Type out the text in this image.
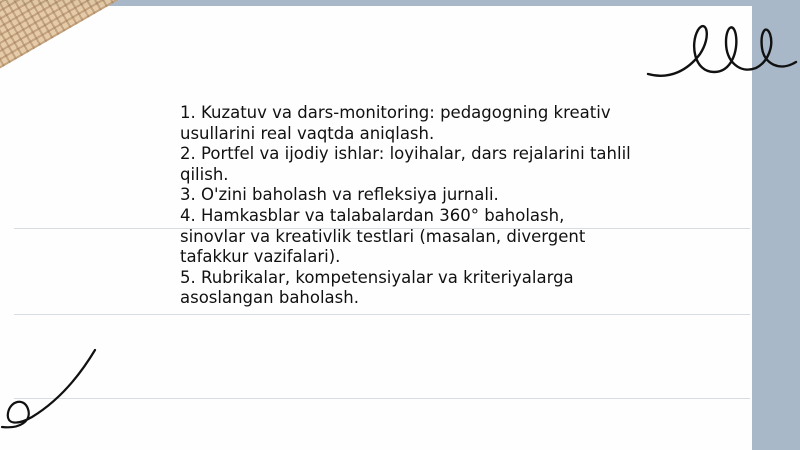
1. Kuzatuv va dars-monitoring: pedagogning kreativ
usullarini real vaqtda aniqlash.

2. Portfel va ijodiy ishlar: loyihalar, dars rejalarini tahlil
qilish.

3. O'zini baholash va refleksiya jurnali.

4. Hamkasblar va talabalardan 360° baholash,
sinovlar va kreativlik testlari (masalan, divergent
tafakkur vazifalari).

5. Rubrikalar, kompetensiyalar va kriteriyalarga
asoslangan baholash.
